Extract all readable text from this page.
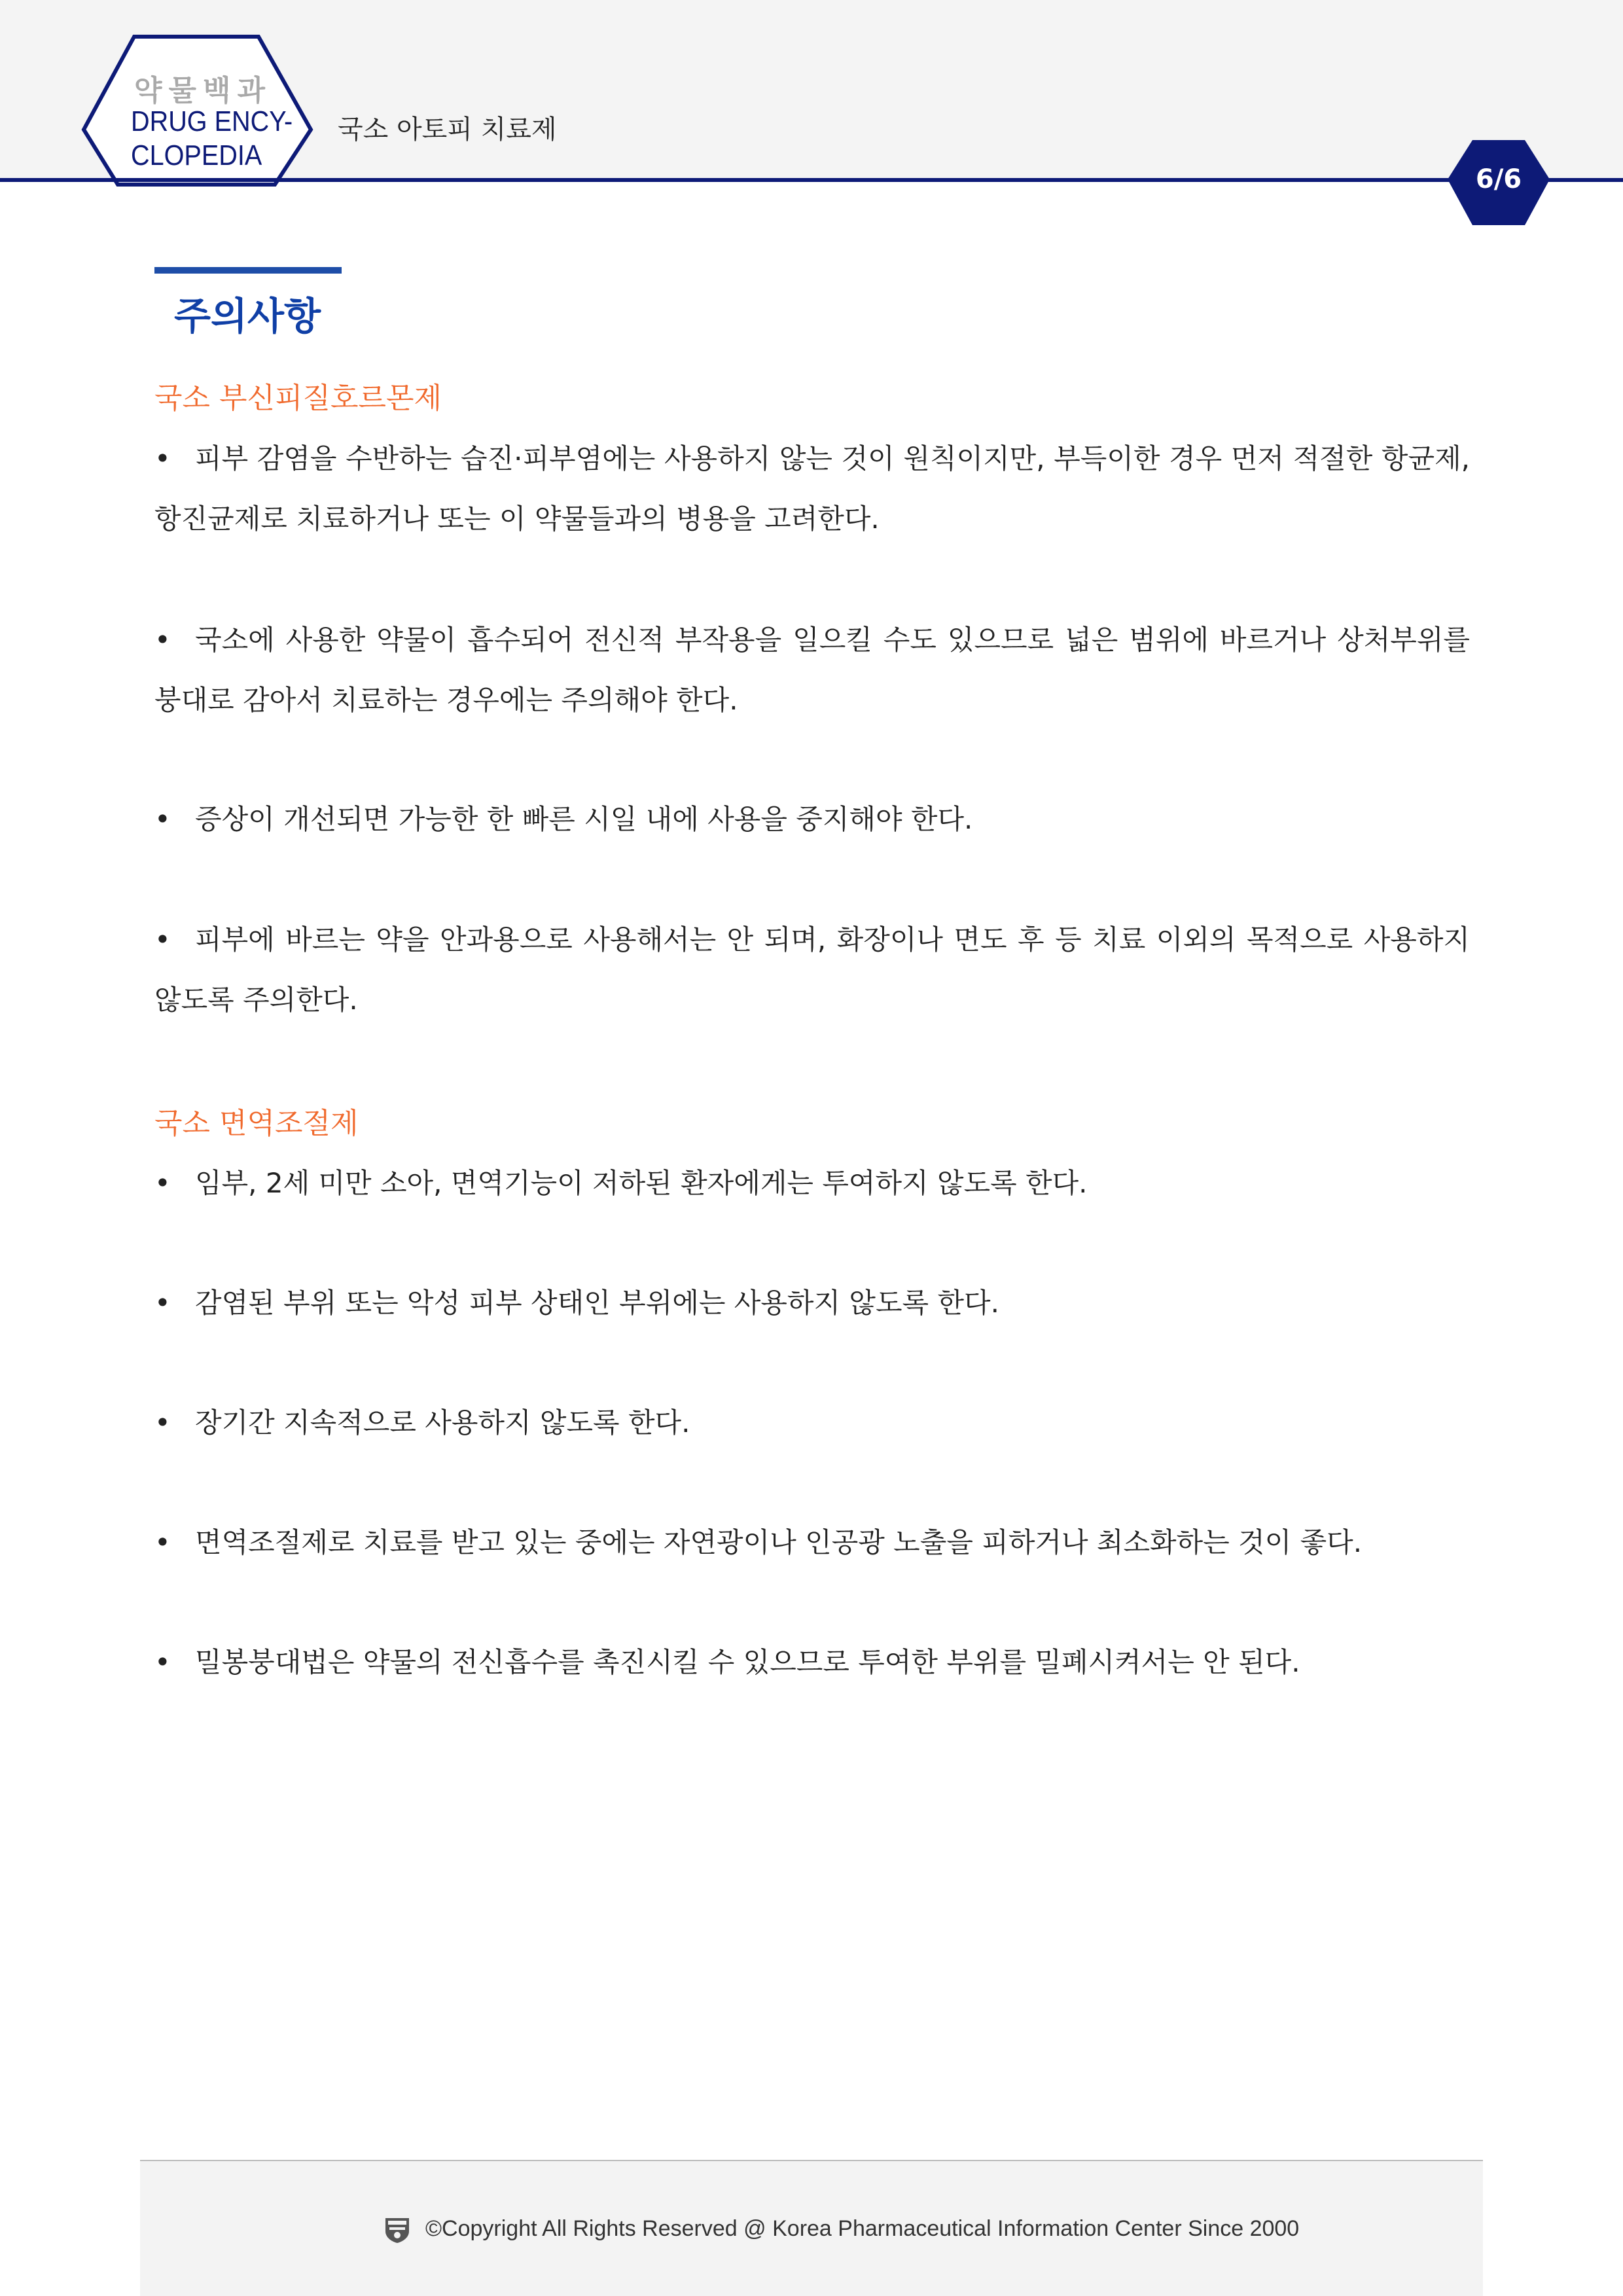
약물백과
DRUG ENCY-
CLOPEDIA
국소 아토피 치료제
6/6
주의사항
국소 부신피질호르몬제
• 피부 감염을 수반하는 습진·피부염에는 사용하지 않는 것이 원칙이지만, 부득이한 경우 먼저 적절한 항균제, 항진균제로 치료하거나 또는 이 약물들과의 병용을 고려한다.
• 국소에 사용한 약물이 흡수되어 전신적 부작용을 일으킬 수도 있으므로 넓은 범위에 바르거나 상처부위를 붕대로 감아서 치료하는 경우에는 주의해야 한다.
• 증상이 개선되면 가능한 한 빠른 시일 내에 사용을 중지해야 한다.
• 피부에 바르는 약을 안과용으로 사용해서는 안 되며, 화장이나 면도 후 등 치료 이외의 목적으로 사용하지 않도록 주의한다.
국소 면역조절제
• 임부, 2세 미만 소아, 면역기능이 저하된 환자에게는 투여하지 않도록 한다.
• 감염된 부위 또는 악성 피부 상태인 부위에는 사용하지 않도록 한다.
• 장기간 지속적으로 사용하지 않도록 한다.
• 면역조절제로 치료를 받고 있는 중에는 자연광이나 인공광 노출을 피하거나 최소화하는 것이 좋다.
• 밀봉붕대법은 약물의 전신흡수를 촉진시킬 수 있으므로 투여한 부위를 밀폐시켜서는 안 된다.
©Copyright All Rights Reserved @ Korea Pharmaceutical Information Center Since 2000
